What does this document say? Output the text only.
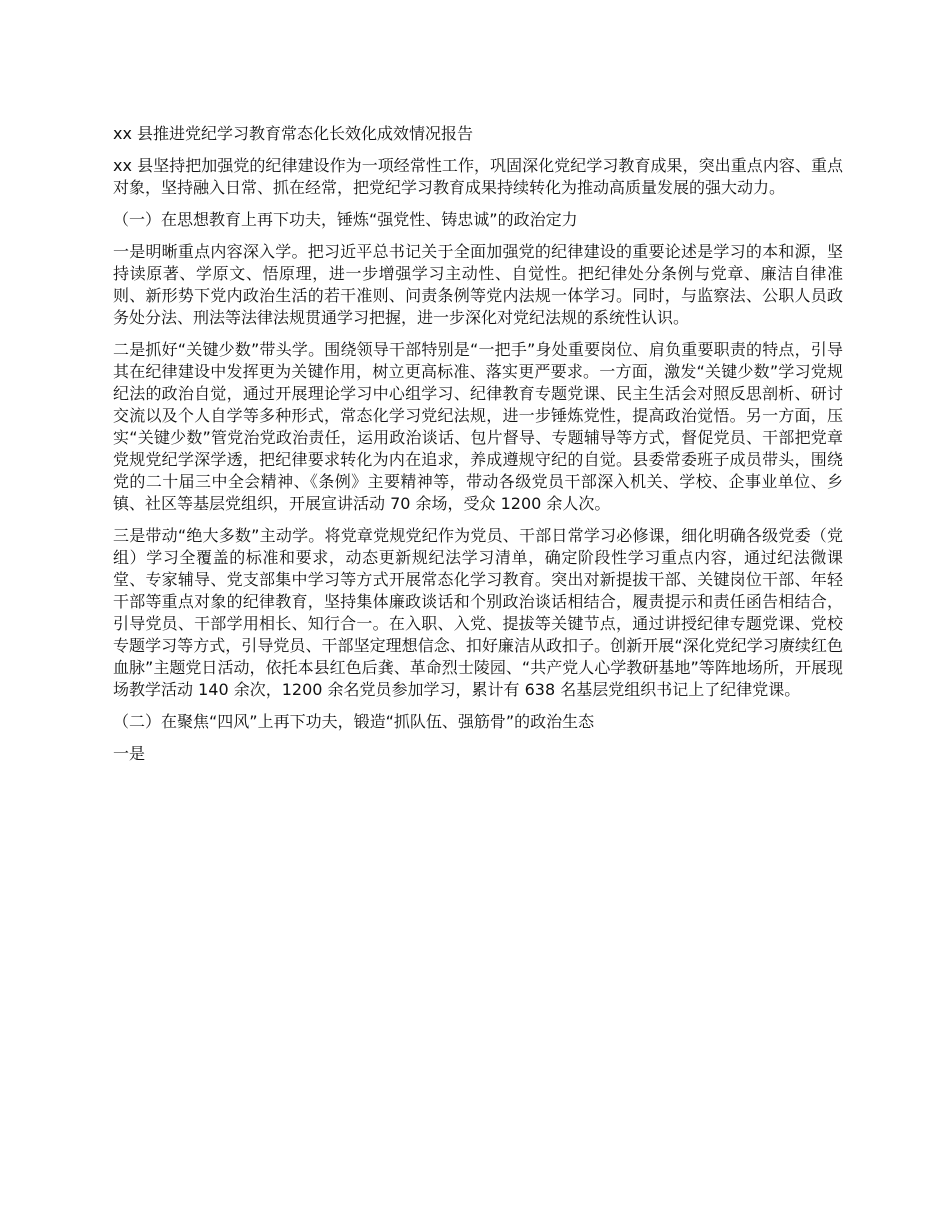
xx 县推进党纪学习教育常态化长效化成效情况报告
xx 县坚持把加强党的纪律建设作为一项经常性工作，巩固深化党纪学习教育成果，突出重点内容、重点对象，坚持融入日常、抓在经常，把党纪学习教育成果持续转化为推动高质量发展的强大动力。
（一）在思想教育上再下功夫，锤炼“强党性、铸忠诚”的政治定力
一是明晰重点内容深入学。把习近平总书记关于全面加强党的纪律建设的重要论述是学习的本和源，坚持读原著、学原文、悟原理，进一步增强学习主动性、自觉性。把纪律处分条例与党章、廉洁自律准则、新形势下党内政治生活的若干准则、问责条例等党内法规一体学习。同时，与监察法、公职人员政务处分法、刑法等法律法规贯通学习把握，进一步深化对党纪法规的系统性认识。
二是抓好“关键少数”带头学。围绕领导干部特别是“一把手”身处重要岗位、肩负重要职责的特点，引导其在纪律建设中发挥更为关键作用，树立更高标准、落实更严要求。一方面，激发“关键少数”学习党规纪法的政治自觉，通过开展理论学习中心组学习、纪律教育专题党课、民主生活会对照反思剖析、研讨交流以及个人自学等多种形式，常态化学习党纪法规，进一步锤炼党性，提高政治觉悟。另一方面，压实“关键少数”管党治党政治责任，运用政治谈话、包片督导、专题辅导等方式，督促党员、干部把党章党规党纪学深学透，把纪律要求转化为内在追求，养成遵规守纪的自觉。县委常委班子成员带头，围绕党的二十届三中全会精神、《条例》主要精神等，带动各级党员干部深入机关、学校、企事业单位、乡镇、社区等基层党组织，开展宣讲活动 70 余场，受众 1200 余人次。
三是带动“绝大多数”主动学。将党章党规党纪作为党员、干部日常学习必修课，细化明确各级党委（党组）学习全覆盖的标准和要求，动态更新规纪法学习清单，确定阶段性学习重点内容，通过纪法微课堂、专家辅导、党支部集中学习等方式开展常态化学习教育。突出对新提拔干部、关键岗位干部、年轻干部等重点对象的纪律教育，坚持集体廉政谈话和个别政治谈话相结合，履责提示和责任函告相结合，引导党员、干部学用相长、知行合一。在入职、入党、提拔等关键节点，通过讲授纪律专题党课、党校专题学习等方式，引导党员、干部坚定理想信念、扣好廉洁从政扣子。创新开展“深化党纪学习赓续红色血脉”主题党日活动，依托本县红色后龚、革命烈士陵园、“共产党人心学教研基地”等阵地场所，开展现场教学活动 140 余次，1200 余名党员参加学习，累计有 638 名基层党组织书记上了纪律党课。
（二）在聚焦“四风”上再下功夫，锻造“抓队伍、强筋骨”的政治生态
一是
